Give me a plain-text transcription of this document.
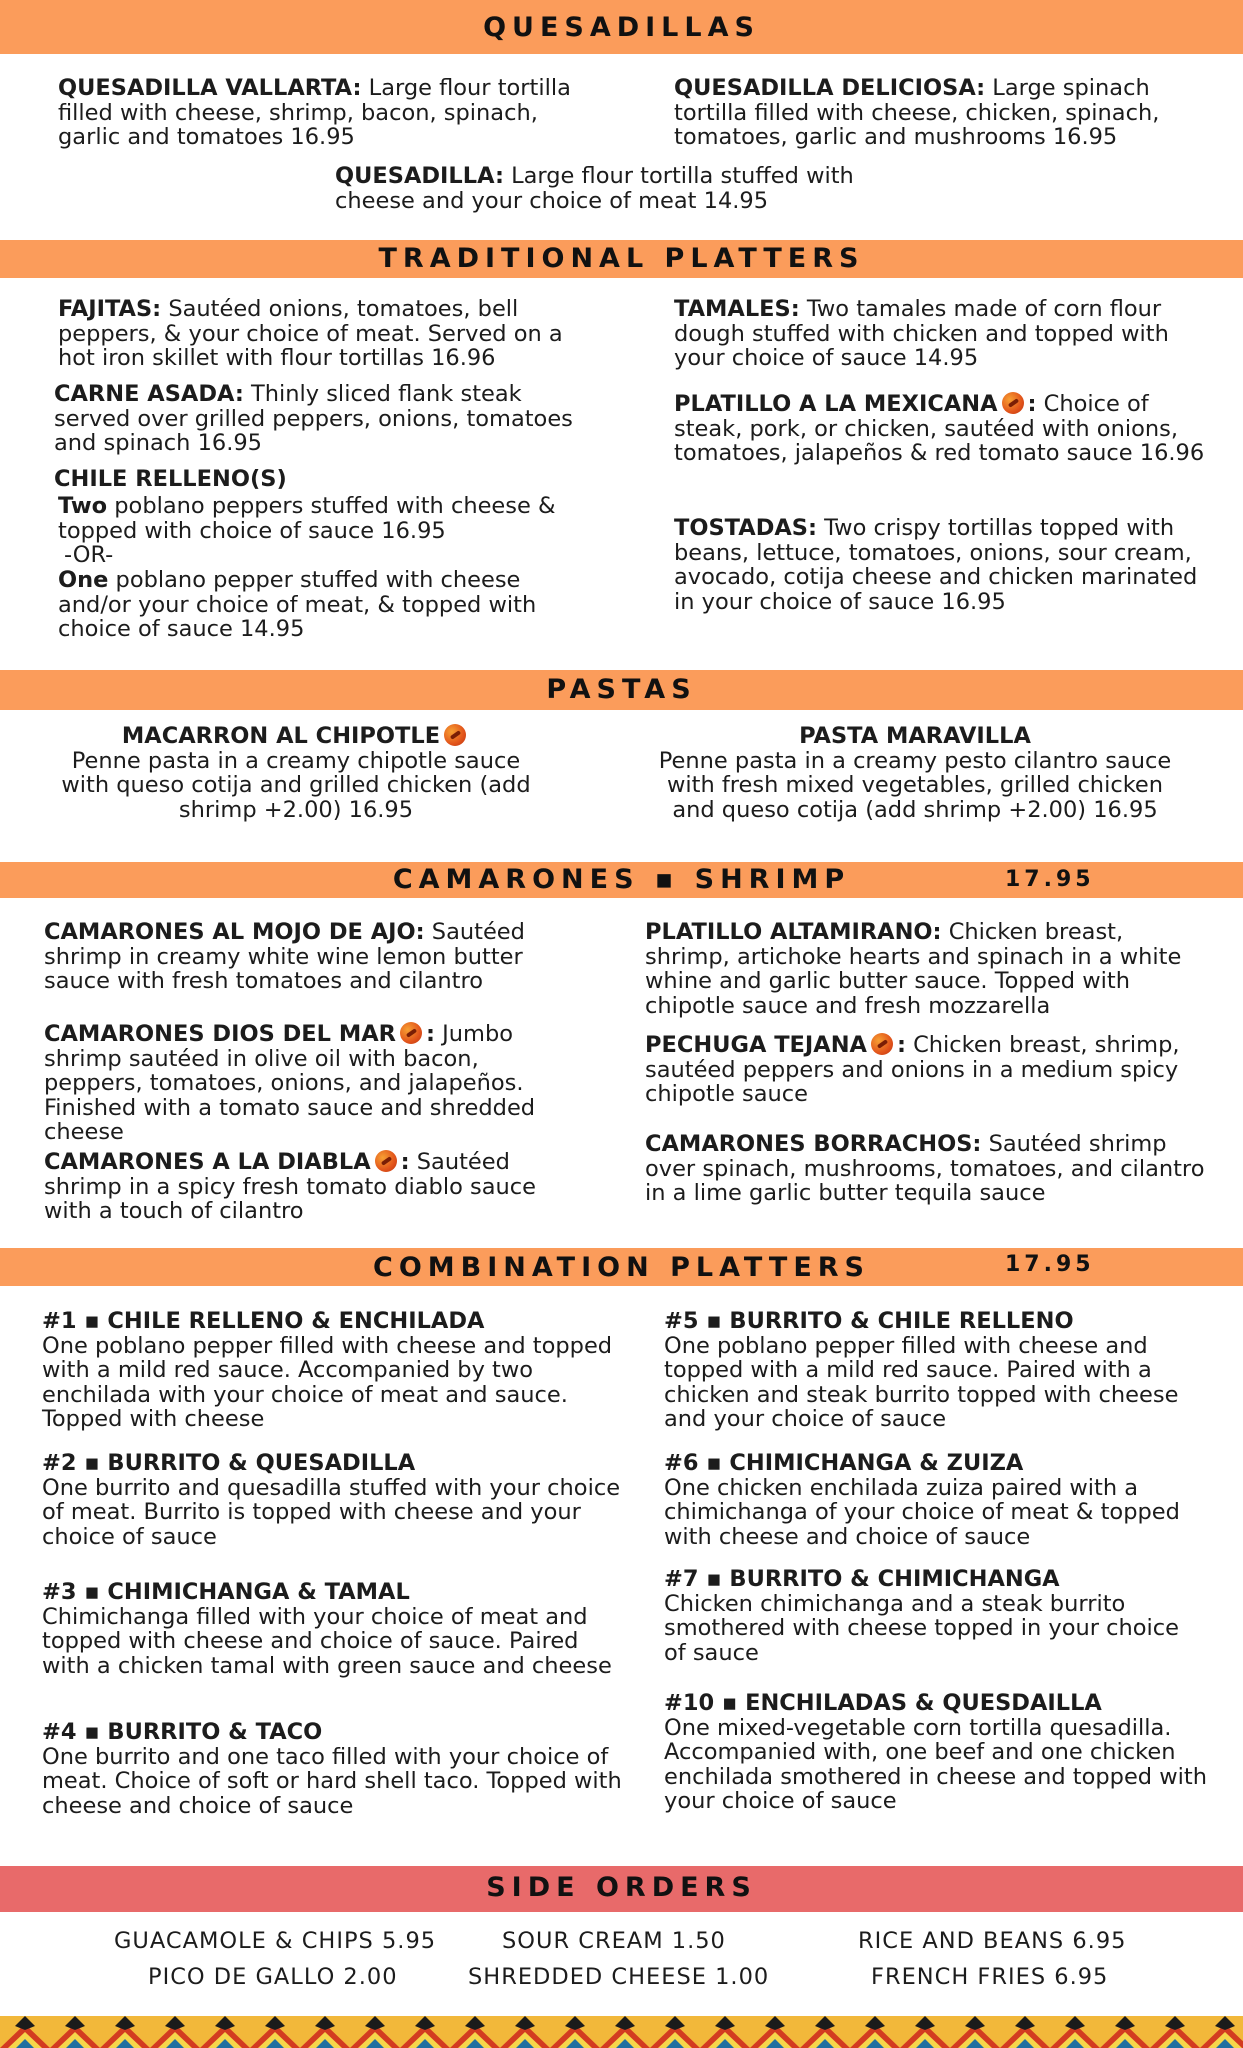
QUESADILLAS
QUESADILLA VALLARTA: Large flour tortilla filled with cheese, shrimp, bacon, spinach, garlic and tomatoes 16.95
QUESADILLA DELICIOSA: Large spinach tortilla filled with cheese, chicken, spinach, tomatoes, garlic and mushrooms 16.95
QUESADILLA: Large flour tortilla stuffed with cheese and your choice of meat 14.95
TRADITIONAL PLATTERS
FAJITAS: Sautéed onions, tomatoes, bell peppers, & your choice of meat. Served on a hot iron skillet with flour tortillas 16.96
CARNE ASADA: Thinly sliced flank steak served over grilled peppers, onions, tomatoes and spinach 16.95
CHILE RELLENO(S)
Two poblano peppers stuffed with cheese & topped with choice of sauce 16.95
-OR-
One poblano pepper stuffed with cheese and/or your choice of meat, & topped with choice of sauce 14.95
TAMALES: Two tamales made of corn flour dough stuffed with chicken and topped with your choice of sauce 14.95
PLATILLO A LA MEXICANA : Choice of steak, pork, or chicken, sautéed with onions, tomatoes, jalapeños & red tomato sauce 16.96
TOSTADAS: Two crispy tortillas topped with beans, lettuce, tomatoes, onions, sour cream, avocado, cotija cheese and chicken marinated in your choice of sauce 16.95
PASTAS
MACARRON AL CHIPOTLE
Penne pasta in a creamy chipotle sauce with queso cotija and grilled chicken (add shrimp +2.00) 16.95
PASTA MARAVILLA
Penne pasta in a creamy pesto cilantro sauce with fresh mixed vegetables, grilled chicken and queso cotija (add shrimp +2.00) 16.95
CAMARONES ▪ SHRIMP	17.95
CAMARONES AL MOJO DE AJO: Sautéed shrimp in creamy white wine lemon butter sauce with fresh tomatoes and cilantro
CAMARONES DIOS DEL MAR : Jumbo shrimp sautéed in olive oil with bacon, peppers, tomatoes, onions, and jalapeños. Finished with a tomato sauce and shredded cheese
CAMARONES A LA DIABLA : Sautéed shrimp in a spicy fresh tomato diablo sauce with a touch of cilantro
PLATILLO ALTAMIRANO: Chicken breast, shrimp, artichoke hearts and spinach in a white whine and garlic butter sauce. Topped with chipotle sauce and fresh mozzarella
PECHUGA TEJANA : Chicken breast, shrimp, sautéed peppers and onions in a medium spicy chipotle sauce
CAMARONES BORRACHOS: Sautéed shrimp over spinach, mushrooms, tomatoes, and cilantro in a lime garlic butter tequila sauce
COMBINATION PLATTERS	17.95
#1 ▪ CHILE RELLENO & ENCHILADA
One poblano pepper filled with cheese and topped with a mild red sauce. Accompanied by two enchilada with your choice of meat and sauce. Topped with cheese
#2 ▪ BURRITO & QUESADILLA
One burrito and quesadilla stuffed with your choice of meat. Burrito is topped with cheese and your choice of sauce
#3 ▪ CHIMICHANGA & TAMAL
Chimichanga filled with your choice of meat and topped with cheese and choice of sauce. Paired with a chicken tamal with green sauce and cheese
#4 ▪ BURRITO & TACO
One burrito and one taco filled with your choice of meat. Choice of soft or hard shell taco. Topped with cheese and choice of sauce
#5 ▪ BURRITO & CHILE RELLENO
One poblano pepper filled with cheese and topped with a mild red sauce. Paired with a chicken and steak burrito topped with cheese and your choice of sauce
#6 ▪ CHIMICHANGA & ZUIZA
One chicken enchilada zuiza paired with a chimichanga of your choice of meat & topped with cheese and choice of sauce
#7 ▪ BURRITO & CHIMICHANGA
Chicken chimichanga and a steak burrito smothered with cheese topped in your choice of sauce
#10 ▪ ENCHILADAS & QUESDAILLA
One mixed-vegetable corn tortilla quesadilla. Accompanied with, one beef and one chicken enchilada smothered in cheese and topped with your choice of sauce
SIDE ORDERS
GUACAMOLE & CHIPS 5.95	SOUR CREAM 1.50	RICE AND BEANS 6.95
PICO DE GALLO 2.00	SHREDDED CHEESE 1.00	FRENCH FRIES 6.95
